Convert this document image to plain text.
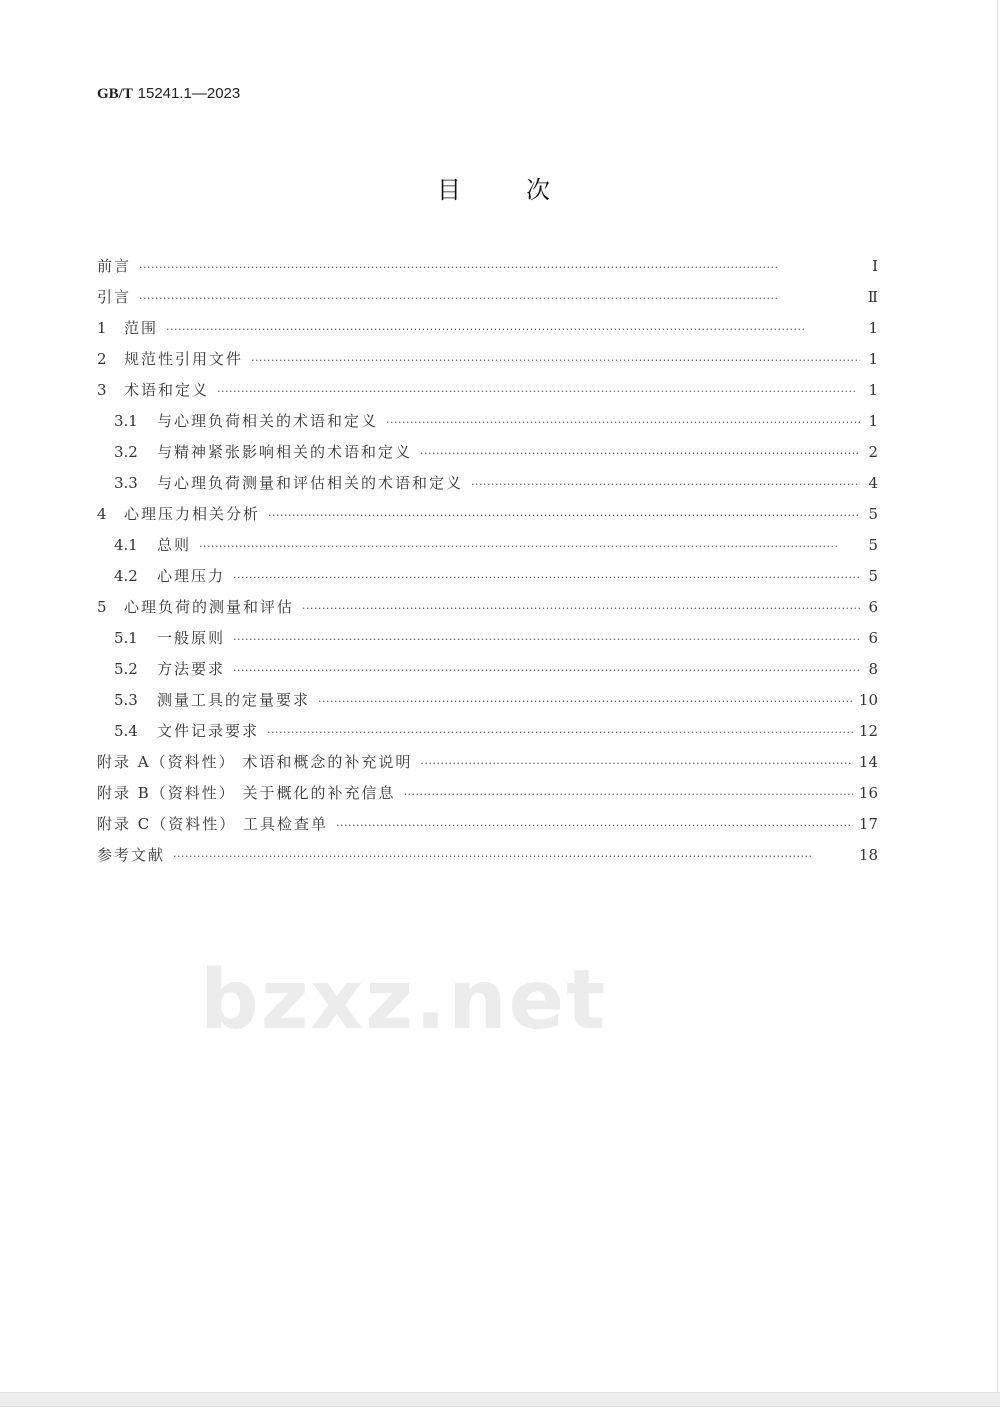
GB/T 15241.1—2023
目	次
前言 ·····	Ⅰ
引言 ·····	Ⅱ
1	范围 ·····	1
2	规范性引用文件 ·····	1
3	术语和定义 ·····	1
3.1	与心理负荷相关的术语和定义 ·····	1
3.2	与精神紧张影响相关的术语和定义 ·····	2
3.3	与心理负荷测量和评估相关的术语和定义 ·····	4
4	心理压力相关分析 ·····	5
4.1	总则 ·····	5
4.2	心理压力 ·····	5
5	心理负荷的测量和评估 ·····	6
5.1	一般原则 ·····	6
5.2	方法要求 ·····	8
5.3	测量工具的定量要求 ·····	10
5.4	文件记录要求 ·····	12
附录 A（资料性） 术语和概念的补充说明 ·····	14
附录 B（资料性） 关于概化的补充信息 ·····	16
附录 C（资料性） 工具检查单 ·····	17
参考文献 ·····	18
bzxz.net
